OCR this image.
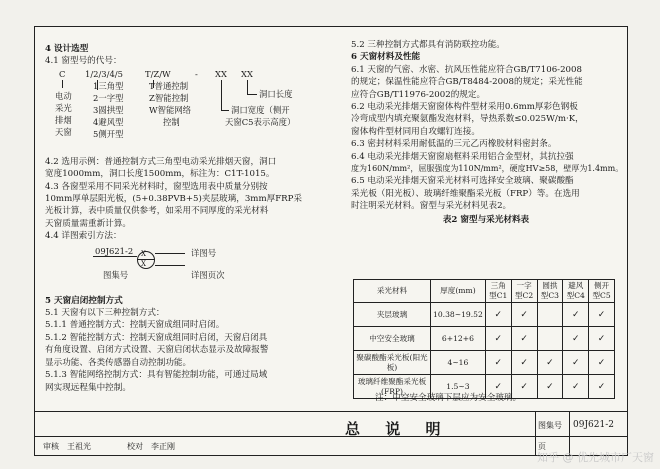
4 设计选型
4.1 窗型号的代号：
C 1/2/3/4/5	T/Z/W	- XX XX
电动
采光
排烟
天窗
1三角型
2一字型
3圆拱型
4避风型
5侧开型
T普通控制
Z智能控制
W智能网络
控制
洞口长度
洞口宽度（侧开
天窗C5表示高度）
4.2 选用示例：普通控制方式三角型电动采光排烟天窗，洞口
宽度1000mm，洞口长度1500mm，标注为：C1T-1015。
4.3 各窗型采用不同采光材料时，窗型选用表中质量分别按
10mm厚单层阳光板，(5+0.38PVB+5)夹层玻璃，3mm厚FRP采
光板计算，表中质量仅供参考，如采用不同厚度的采光材料
天窗质量需重新计算。
4.4 详图索引方法：
09J621-2 X
X
详图号
详图页次
图集号
5 天窗启闭控制方式
5.1 天窗有以下三种控制方式：
5.1.1 普通控制方式：控制天窗成组同时启闭。
5.1.2 智能控制方式：控制天窗成组同时启闭，天窗启闭具
有角度设置、启闭方式设置、天窗启闭状态显示及故障报警
显示功能、各类传感器自动控制功能。
5.1.3 智能网络控制方式：具有智能控制功能，可通过局域
网实现远程集中控制。
5.2 三种控制方式都具有消防联控功能。
6 天窗材料及性能
6.1 天窗的气密、水密、抗风压性能应符合GB/T7106-2008
的规定；保温性能应符合GB/T8484-2008的规定；采光性能
应符合GB/T11976-2002的规定。
6.2 电动采光排烟天窗窗体构件型材采用0.6mm厚彩色钢板
冷弯成型内填充聚氨酯发泡材料，导热系数≤0.025W/m·K，
窗体构件型材同用自攻螺钉连接。
6.3 密封材料采用耐低温的三元乙丙橡胶材料密封条。
6.4 电动采光排烟天窗窗扇框料采用铝合金型材，其抗拉强
度为160N/mm²，屈服强度为110N/mm²，硬度HV≥58，壁厚为1.4mm。
6.5 电动采光排烟天窗采光材料可选择安全玻璃、聚碳酸酯
采光板（阳光板）、玻璃纤维聚酯采光板（FRP）等。在选用
时注明采光材料。窗型与采光材料见表2。
表2 窗型与采光材料表
采光材料	厚度(mm)	三角型C1	一字型C2	圆拱型C3	避风型C4	侧开型C5
夹层玻璃	10.38~19.52	✓	✓		✓	✓
中空安全玻璃	6+12+6	✓	✓		✓	✓
聚碳酸酯采光板(阳光板)	4~16	✓	✓	✓	✓	✓
玻璃纤维聚酯采光板(FRP)	1.5~3	✓	✓	✓	✓	✓
注：中空安全玻璃下层应为安全玻璃。
总 说 明	图集号 09J621-2
审核 王祖光	校对 李正刚	页
知乎 @ 优先城市厂天窗
